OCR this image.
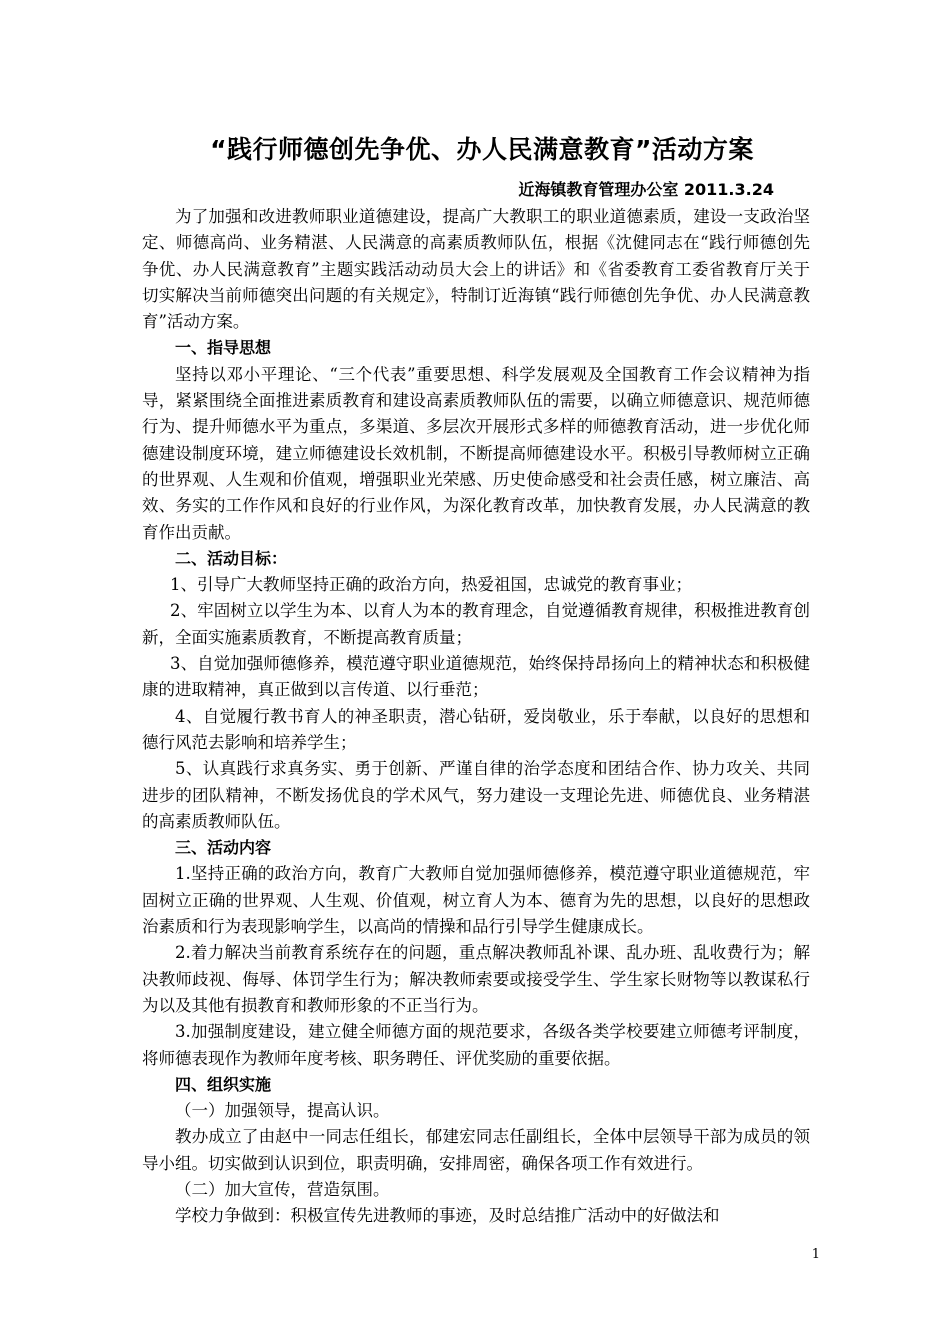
“践行师德创先争优、办人民满意教育”活动方案
近海镇教育管理办公室 2011.3.24

为了加强和改进教师职业道德建设，提高广大教职工的职业道德素质，建设一支政治坚定、师德高尚、业务精湛、人民满意的高素质教师队伍，根据《沈健同志在“践行师德创先争优、办人民满意教育”主题实践活动动员大会上的讲话》和《省委教育工委省教育厅关于切实解决当前师德突出问题的有关规定》，特制订近海镇“践行师德创先争优、办人民满意教育”活动方案。

一、指导思想

坚持以邓小平理论、“三个代表”重要思想、科学发展观及全国教育工作会议精神为指导，紧紧围绕全面推进素质教育和建设高素质教师队伍的需要，以确立师德意识、规范师德行为、提升师德水平为重点，多渠道、多层次开展形式多样的师德教育活动，进一步优化师德建设制度环境，建立师德建设长效机制，不断提高师德建设水平。积极引导教师树立正确的世界观、人生观和价值观，增强职业光荣感、历史使命感受和社会责任感，树立廉洁、高效、务实的工作作风和良好的行业作风，为深化教育改革，加快教育发展，办人民满意的教育作出贡献。

二、活动目标：

1、引导广大教师坚持正确的政治方向，热爱祖国，忠诚党的教育事业；

2、牢固树立以学生为本、以育人为本的教育理念，自觉遵循教育规律，积极推进教育创新，全面实施素质教育，不断提高教育质量；

3、自觉加强师德修养，模范遵守职业道德规范，始终保持昂扬向上的精神状态和积极健康的进取精神，真正做到以言传道、以行垂范；

4、自觉履行教书育人的神圣职责，潜心钻研，爱岗敬业，乐于奉献，以良好的思想和德行风范去影响和培养学生；

5、认真践行求真务实、勇于创新、严谨自律的治学态度和团结合作、协力攻关、共同进步的团队精神，不断发扬优良的学术风气，努力建设一支理论先进、师德优良、业务精湛的高素质教师队伍。

三、活动内容

1.坚持正确的政治方向，教育广大教师自觉加强师德修养，模范遵守职业道德规范，牢固树立正确的世界观、人生观、价值观，树立育人为本、德育为先的思想，以良好的思想政治素质和行为表现影响学生，以高尚的情操和品行引导学生健康成长。

2.着力解决当前教育系统存在的问题，重点解决教师乱补课、乱办班、乱收费行为；解决教师歧视、侮辱、体罚学生行为；解决教师索要或接受学生、学生家长财物等以教谋私行为以及其他有损教育和教师形象的不正当行为。

3.加强制度建设，建立健全师德方面的规范要求，各级各类学校要建立师德考评制度，将师德表现作为教师年度考核、职务聘任、评优奖励的重要依据。

四、组织实施

（一）加强领导，提高认识。

教办成立了由赵中一同志任组长，郁建宏同志任副组长，全体中层领导干部为成员的领导小组。切实做到认识到位，职责明确，安排周密，确保各项工作有效进行。

（二）加大宣传，营造氛围。

学校力争做到：积极宣传先进教师的事迹，及时总结推广活动中的好做法和

1
